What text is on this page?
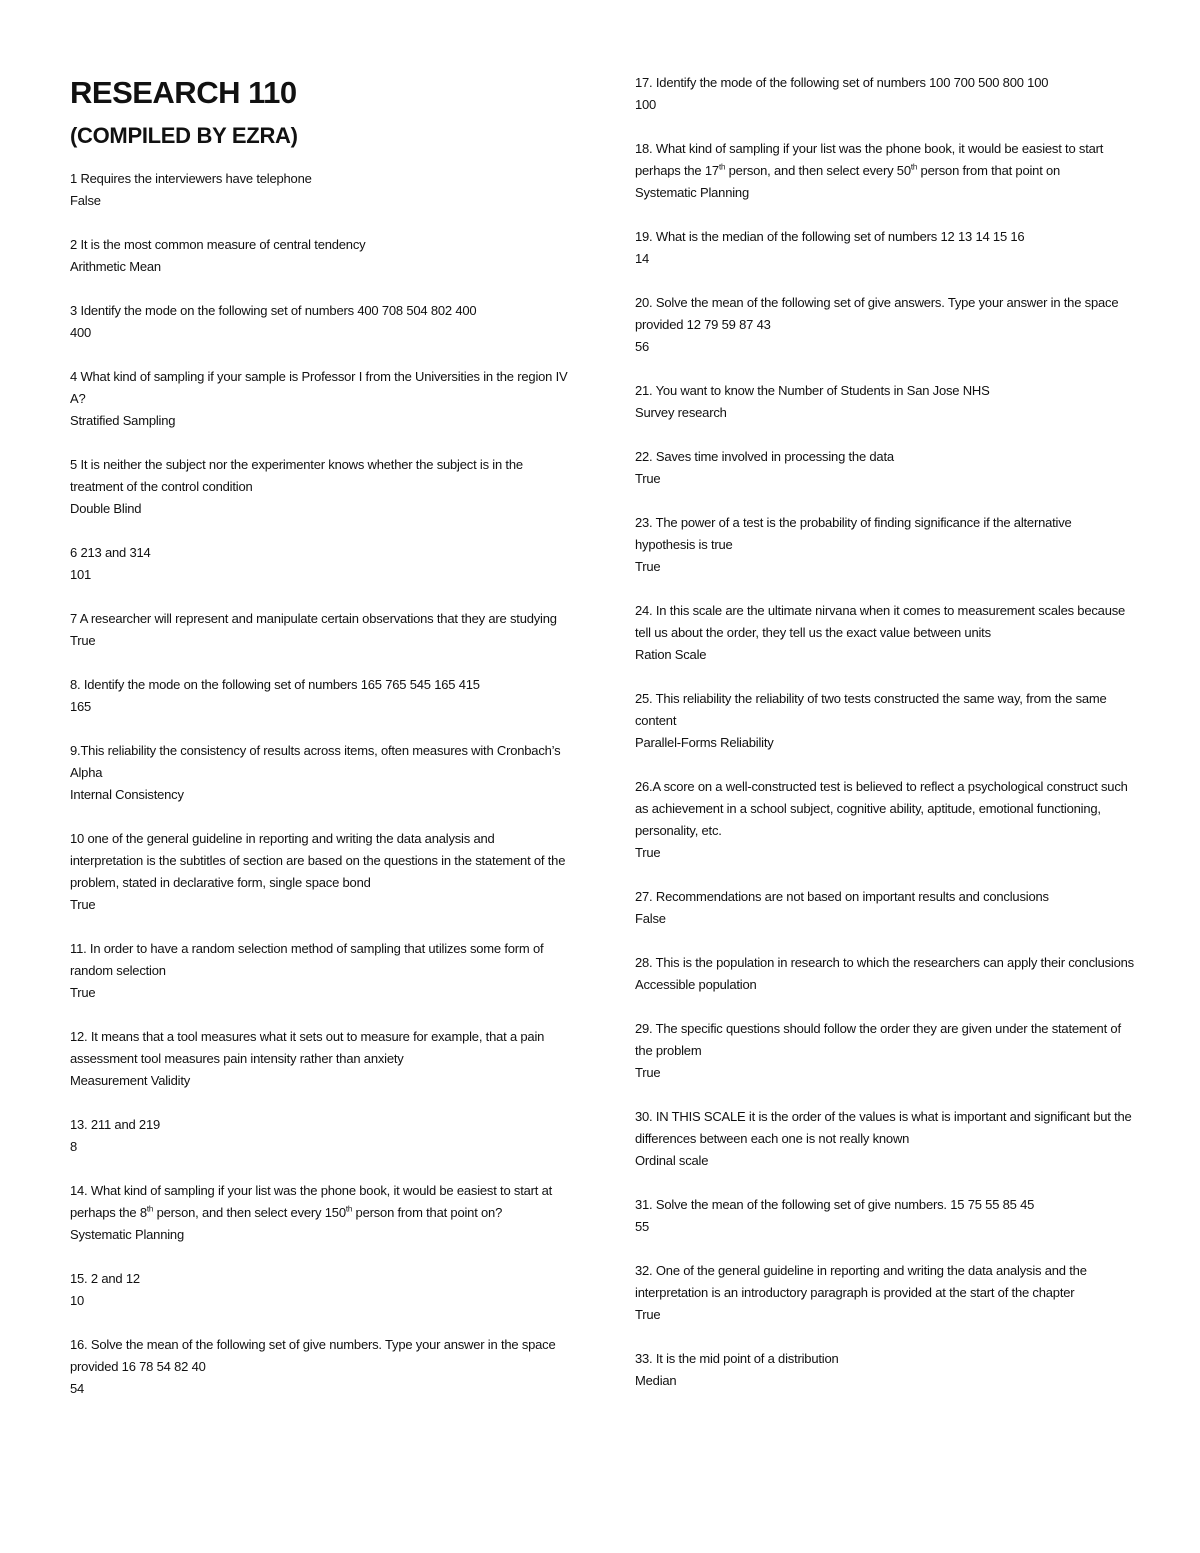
RESEARCH 110
(COMPILED BY EZRA)
1 Requires the interviewers have telephone
False
2 It is the most common measure of central tendency
Arithmetic Mean
3 Identify the mode on the following set of numbers 400 708 504 802 400
400
4 What kind of sampling if your sample is Professor I from the Universities in the region IV A?
Stratified Sampling
5 It is neither the subject nor the experimenter knows whether the subject is in the treatment of the control condition
Double Blind
6 213 and 314
101
7 A researcher will represent and manipulate certain observations that they are studying
True
8. Identify the mode on the following set of numbers 165 765 545 165 415
165
9.This reliability the consistency of results across items, often measures with Cronbach’s Alpha
Internal Consistency
10 one of the general guideline in reporting and writing the data analysis and interpretation is the subtitles of section are based on the questions in the statement of the problem, stated in declarative form, single space bond
True
11. In order to have a random selection method of sampling that utilizes some form of random selection
True
12. It means that a tool measures what it sets out to measure for example, that a pain assessment tool measures pain intensity rather than anxiety
Measurement Validity
13. 211 and 219
8
14. What kind of sampling if your list was the phone book, it would be easiest to start at perhaps the 8th person, and then select every 150th person from that point on?
Systematic Planning
15. 2 and 12
10
16. Solve the mean of the following set of give numbers. Type your answer in the space provided 16 78 54 82 40
54
17. Identify the mode of the following set of numbers 100 700 500 800 100
100
18. What kind of sampling if your list was the phone book, it would be easiest to start perhaps the 17th person, and then select every 50th person from that point on
Systematic Planning
19. What is the median of the following set of numbers 12 13 14 15 16
14
20. Solve the mean of the following set of give answers. Type your answer in the space provided 12 79 59 87 43
56
21. You want to know the Number of Students in San Jose NHS
Survey research
22. Saves time involved in processing the data
True
23. The power of a test is the probability of finding significance if the alternative hypothesis is true
True
24. In this scale are the ultimate nirvana when it comes to measurement scales because tell us about the order, they tell us the exact value between units
Ration Scale
25. This reliability the reliability of two tests constructed the same way, from the same content
Parallel-Forms Reliability
26.A score on a well-constructed test is believed to reflect a psychological construct such as achievement in a school subject, cognitive ability, aptitude, emotional functioning, personality, etc.
True
27. Recommendations are not based on important results and conclusions
False
28. This is the population in research to which the researchers can apply their conclusions
Accessible population
29. The specific questions should follow the order they are given under the statement of the problem
True
30. IN THIS SCALE it is the order of the values is what is important and significant but the differences between each one is not really known
Ordinal scale
31. Solve the mean of the following set of give numbers. 15 75 55 85 45
55
32. One of the general guideline in reporting and writing the data analysis and the interpretation is an introductory paragraph is provided at the start of the chapter
True
33. It is the mid point of a distribution
Median
